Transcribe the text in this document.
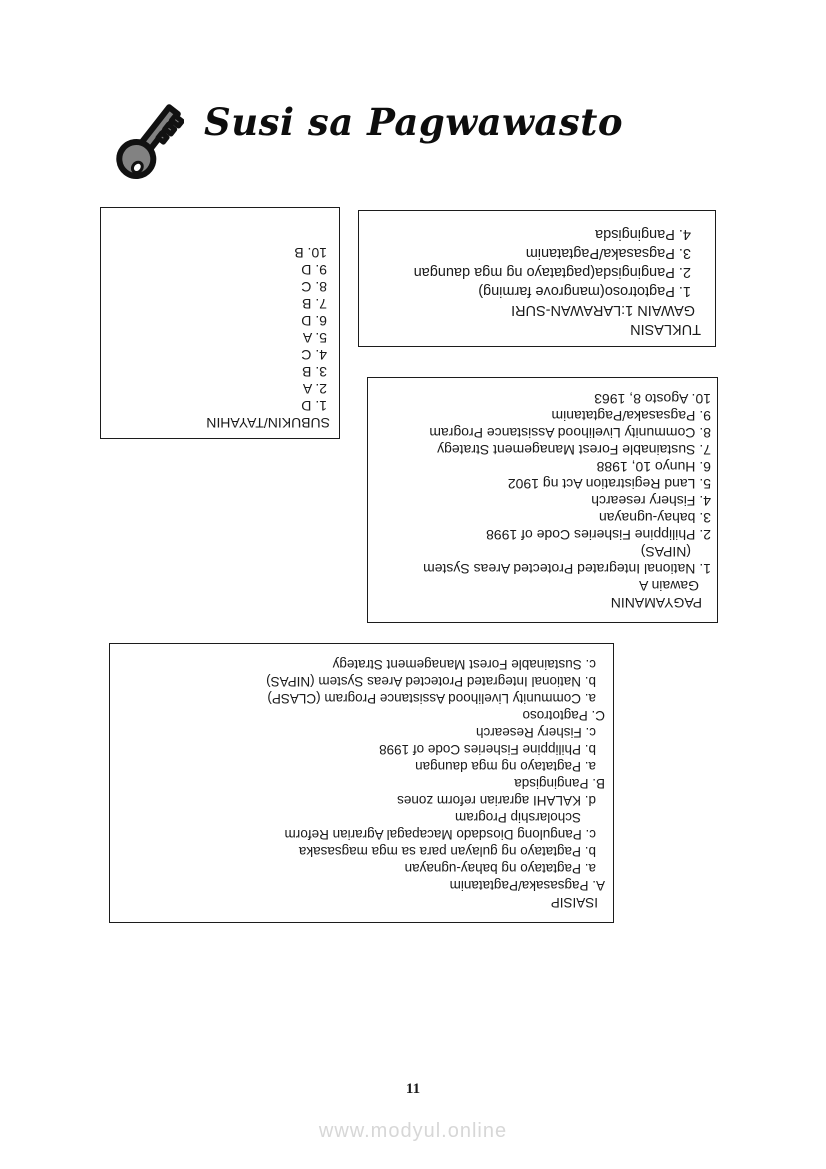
Susi sa Pagwawasto
SUBUKIN/TAYAHIN
1. D
2. A
3. B
4. C
5. A
6. D
7. B
8. C
9. D
10. B
TUKLASIN
GAWAIN 1:LARAWAN-SURI
1. Pagtotroso(mangrove farming)
2. Pangingisda(pagtatayo ng mga daungan
3. Pagsasaka/Pagtatanim
4. Pangingisda
PAGYAMANIN
Gawain A
1. National Integrated Protected Areas System
(NIPAS)
2. Philippine Fisheries Code of 1998
3. bahay-ugnayan
4. Fishery research
5. Land Registration Act ng 1902
6. Hunyo 10, 1988
7. Sustainable Forest Management Strategy
8. Community Livelihood Assistance Program
9. Pagsasaka/Pagtatanim
10. Agosto 8, 1963
ISAISIP
A. Pagsasaka/Pagtatanim
a. Pagtatayo ng bahay-ugnayan
b. Pagtatayo ng gulayan para sa mga magsasaka
c. Pangulong Diosdado Macapagal Agrarian Reform
Scholarship Program
d. KALAHI agrarian reform zones
B. Pangingisda
a. Pagtatayo ng mga daungan
b. Philippine Fisheries Code of 1998
c. Fishery Research
C. Pagtotroso
a. Community Livelihood Assistance Program (CLASP)
b. National Integrated Protected Areas System (NIPAS)
c. Sustainable Forest Management Strategy
11
www.modyul.online
